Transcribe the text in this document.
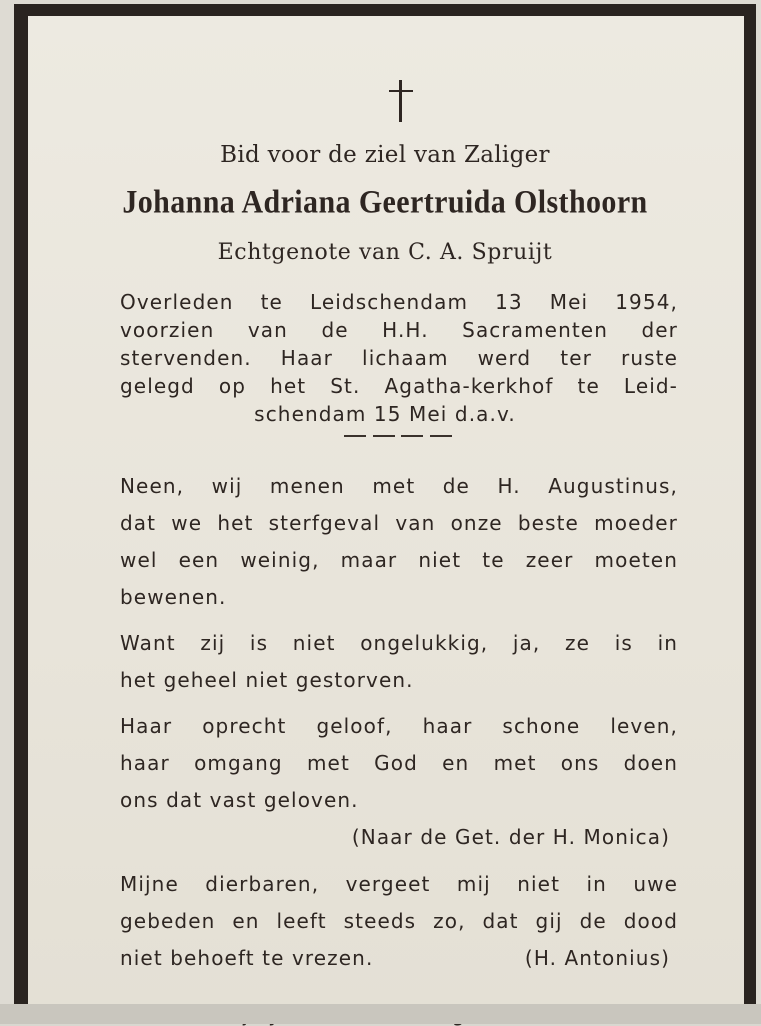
Bid voor de ziel van Zaliger
Johanna Adriana Geertruida Olsthoorn
Echtgenote van C. A. Spruijt
Overleden te Leidschendam 13 Mei 1954,
voorzien van de H.H. Sacramenten der
stervenden. Haar lichaam werd ter ruste
gelegd op het St. Agatha-kerkhof te Leid-
schendam 15 Mei d.a.v.
Neen, wij menen met de H. Augustinus,
dat we het sterfgeval van onze beste moeder
wel een weinig, maar niet te zeer moeten
bewenen.
Want zij is niet ongelukkig, ja, ze is in
het geheel niet gestorven.
Haar oprecht geloof, haar schone leven,
haar omgang met God en met ons doen
ons dat vast geloven.
(Naar de Get. der H. Monica)
Mijne dierbaren, vergeet mij niet in uwe
gebeden en leeft steeds zo, dat gij de dood
niet behoeft te vrezen.	(H. Antonius)
